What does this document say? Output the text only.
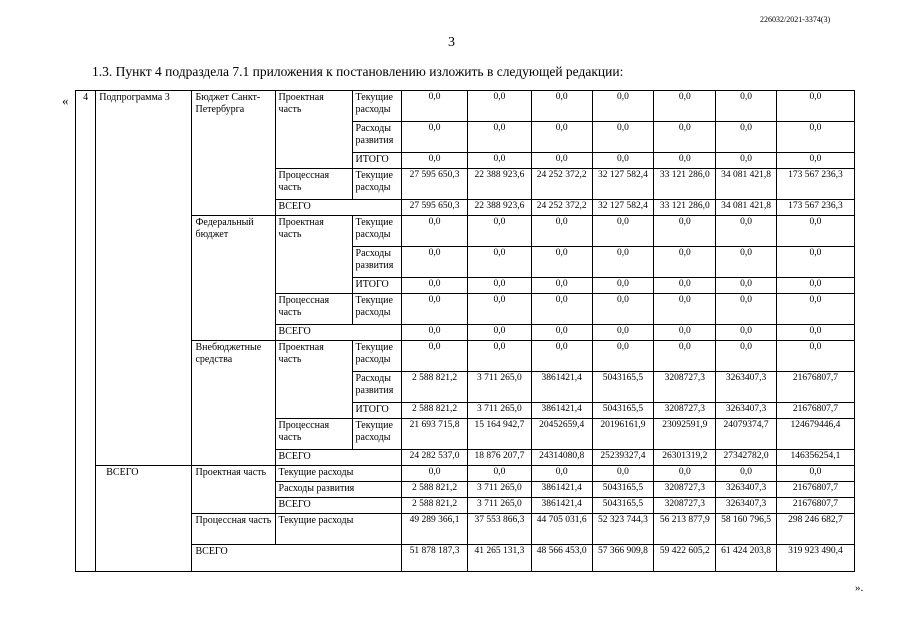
226032/2021-3374(3)
3
1.3. Пункт 4 подраздела 7.1 приложения к постановлению изложить в следующей редакции:
«
».
4	Подпрограмма 3	Бюджет Санкт-Петербурга	Проектная часть	Текущие расходы	0,0	0,0	0,0	0,0	0,0	0,0	0,0
				Расходы развития	0,0	0,0	0,0	0,0	0,0	0,0	0,0
				ИТОГО	0,0	0,0	0,0	0,0	0,0	0,0	0,0
			Процессная часть	Текущие расходы	27 595 650,3	22 388 923,6	24 252 372,2	32 127 582,4	33 121 286,0	34 081 421,8	173 567 236,3
			ВСЕГО		27 595 650,3	22 388 923,6	24 252 372,2	32 127 582,4	33 121 286,0	34 081 421,8	173 567 236,3
		Федеральный бюджет	Проектная часть	Текущие расходы	0,0	0,0	0,0	0,0	0,0	0,0	0,0
				Расходы развития	0,0	0,0	0,0	0,0	0,0	0,0	0,0
				ИТОГО	0,0	0,0	0,0	0,0	0,0	0,0	0,0
			Процессная часть	Текущие расходы	0,0	0,0	0,0	0,0	0,0	0,0	0,0
			ВСЕГО		0,0	0,0	0,0	0,0	0,0	0,0	0,0
		Внебюджетные средства	Проектная часть	Текущие расходы	0,0	0,0	0,0	0,0	0,0	0,0	0,0
				Расходы развития	2 588 821,2	3 711 265,0	3861421,4	5043165,5	3208727,3	3263407,3	21676807,7
				ИТОГО	2 588 821,2	3 711 265,0	3861421,4	5043165,5	3208727,3	3263407,3	21676807,7
			Процессная часть	Текущие расходы	21 693 715,8	15 164 942,7	20452659,4	20196161,9	23092591,9	24079374,7	124679446,4
			ВСЕГО		24 282 537,0	18 876 207,7	24314080,8	25239327,4	26301319,2	27342782,0	146356254,1
	ВСЕГО	Проектная часть	Текущие расходы		0,0	0,0	0,0	0,0	0,0	0,0	0,0
			Расходы развития		2 588 821,2	3 711 265,0	3861421,4	5043165,5	3208727,3	3263407,3	21676807,7
			ВСЕГО		2 588 821,2	3 711 265,0	3861421,4	5043165,5	3208727,3	3263407,3	21676807,7
		Процессная часть	Текущие расходы		49 289 366,1	37 553 866,3	44 705 031,6	52 323 744,3	56 213 877,9	58 160 796,5	298 246 682,7
		ВСЕГО			51 878 187,3	41 265 131,3	48 566 453,0	57 366 909,8	59 422 605,2	61 424 203,8	319 923 490,4
